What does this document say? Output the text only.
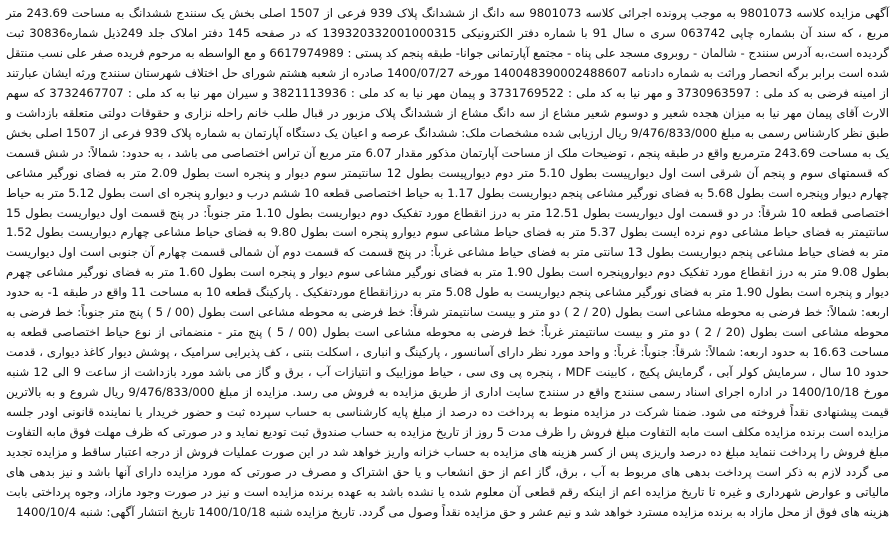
آگهی مزایده کلاسه 9801073 به موجب پرونده اجرائی کلاسه 9801073 سه دانگ از ششدانگ پلاک 939 فرعی از 1507 اصلی بخش یک سنندج ششدانگ به مساحت 243.69 متر مربع ، که سند آن بشماره چاپی 063742 سری ه سال 91 با شماره دفتر الکترونیکی 139320332001000315 که در صفحه 145 دفتر املاک جلد 249ذیل شماره30836 ثبت گردیده است،به آدرس سنندج - شالمان - روبروی مسجد علی پناه - مجتمع آپارتمانی جوانا- طبقه پنجم کد پستی : 6617974989 و مع الواسطه به مرحوم فریده صفر علی نسب منتقل شده است برابر برگه انحصار وراثت به شماره دادنامه 140048390002488607 مورخه 1400/07/27 صادره از شعبه هشتم شورای حل اختلاف شهرستان سنندج ورثه ایشان عبارتند از امینه فرضی به کد ملی : 3730963597 و مهر نیا به کد ملی : 3731769522 و پیمان مهر نیا به کد ملی : 3821113936 و سیران مهر نیا به کد ملی : 3732467707 که سهم الارث آقای پیمان مهر نیا به میزان هجده شعیر و دوسوم شعیر مشاع از سه دانگ مشاع از ششدانگ پلاک مزبور در قبال طلب خانم راحله نزاری و حقوقات دولتی متعلقه بازداشت و طبق نظر کارشناس رسمی به مبلغ 9/476/833/000 ریال ارزیابی شده مشخصات ملک: ششدانگ عرصه و اعیان یک دستگاه آپارتمان به شماره پلاک 939 فرعی از 1507 اصلی بخش یک به مساحت 243.69 مترمربع واقع در طبقه پنجم ، توضیحات ملک از مساحت آپارتمان مذکور مقدار 6.07 متر مربع آن تراس اختصاصی می باشد ، به حدود: شمالاً: در شش قسمت که قسمتهای سوم و پنجم آن شرقی است اول دیوارپیست بطول 5.10 متر دوم دیوارپیست بطول 12 سانتیمتر سوم دیوار و پنجره است بطول 2.09 متر به فضای نورگیر مشاعی چهارم دیوار وپنجره است بطول 5.68 به فضای نورگیر مشاعی پنجم دیواریست بطول 1.17 به حیاط اختصاصی قطعه 10 ششم درب و دیوارو پنجره ای است بطول 5.12 متر به حیاط اختصاصی قطعه 10 شرقاً: در دو قسمت اول دیواریست بطول 12.51 متر به درز انقطاع مورد تفکیک دوم دیواریست بطول 1.10 متر جنوباً: در پنج قسمت اول دیواریست بطول 15 سانتیمتر به فضای حیاط مشاعی دوم نرده ایست بطول 5.37 متر به فضای حیاط مشاعی سوم دیوارو پنجره است بطول 9.80 به فضای حیاط مشاعی چهارم دیواریست بطول 1.52 متر به فضای حیاط مشاعی پنجم دیواریست بطول 13 سانتی متر به فضای حیاط مشاعی غرباً: در پنج قسمت که قسمت دوم آن شمالی قسمت چهارم آن جنوبی است اول دیواریست بطول 9.08 متر به درز انقطاع مورد تفکیک دوم دیواروپنجره است بطول 1.90 متر به فضای نورگیر مشاعی سوم دیوار و پنجره است بطول 1.60 متر به فضای نورگیر مشاعی چهرم دیوار و پنجره است بطول 1.90 متر به فضای نورگیر مشاعی پنجم دیواریست به طول 5.08 متر به درزانقطاع موردتفکیک . پارکینگ قطعه 10 به مساحت 11 واقع در طبقه 1- به حدود اربعه: شمالاً: خط فرضی به محوطه مشاعی است بطول (20 / 2 ) دو متر و بیست سانتیمتر شرقاً: خط فرضی به محوطه مشاعی است بطول (00 / 5 ) پنج متر جنوباً: خط فرضی به محوطه مشاعی است بطول (20 / 2 ) دو متر و بیست سانتیمتر غرباً: خط فرضی به محوطه مشاعی است بطول (00 / 5 ) پنج متر - منضماتی از نوع حیاط اختصاصی قطعه به مساحت 16.63 به حدود اربعه: شمالاً: شرقاً: جنوباً: غرباً: و واحد مورد نظر دارای آسانسور ، پارکینگ و انباری ، اسکلت بتنی ، کف پذیرایی سرامیک ، پوشش دیوار کاغذ دیواری ، قدمت حدود 10 سال ، سرمایش کولر آبی ، گرمایش پکیج ، کابینت MDF ، پنجره پی وی سی ، حیاط موزاییک و انتیازات آب ، برق و گاز می باشد مورد بازداشت از ساعت 9 الی 12 شنبه مورخ 1400/10/18 در اداره اجرای اسناد رسمی سنندج واقع در سنندج سایت اداری از طریق مزایده به فروش می رسد. مزایده از مبلغ 9/476/833/000 ریال شروع و به بالاترین قیمت پیشنهادی نقداً فروخته می شود. ضمنا شرکت در مزایده منوط به پرداخت ده درصد از مبلغ پایه کارشناسی به حساب سپرده ثبت و حضور خریدار یا نماینده قانونی اودر جلسه مزایده است برنده مزایده مکلف است مابه التفاوت مبلغ فروش را ظرف مدت 5 روز از تاریخ مزایده به حساب صندوق ثبت تودیع نماید و در صورتی که ظرف مهلت فوق مابه التفاوت مبلغ فروش را پرداخت ننماید مبلغ ده درصد واریزی پس از کسر هزینه های مزایده به حساب خزانه واریز خواهد شد در این صورت عملیات فروش از درجه اعتبار ساقط و مزایده تجدید می گردد لازم به ذکر است پرداخت بدهی های مربوط به آب ، برق، گاز اعم از حق انشعاب و یا حق اشتراک و مصرف در صورتی که مورد مزایده دارای آنها باشد و نیز بدهی های مالیاتی و عوارض شهرداری و غیره تا تاریخ مزایده اعم از اینکه رقم قطعی آن معلوم شده یا نشده باشد به عهده برنده مزایده است و نیز در صورت وجود مازاد، وجوه پرداختی بابت هزینه های فوق از محل مازاد به برنده مزایده مسترد خواهد شد و نیم عشر و حق مزایده نقداً وصول می گردد. تاریخ مزایده شنبه 1400/10/18 تاریخ انتشار آگهی: شنبه 1400/10/4
